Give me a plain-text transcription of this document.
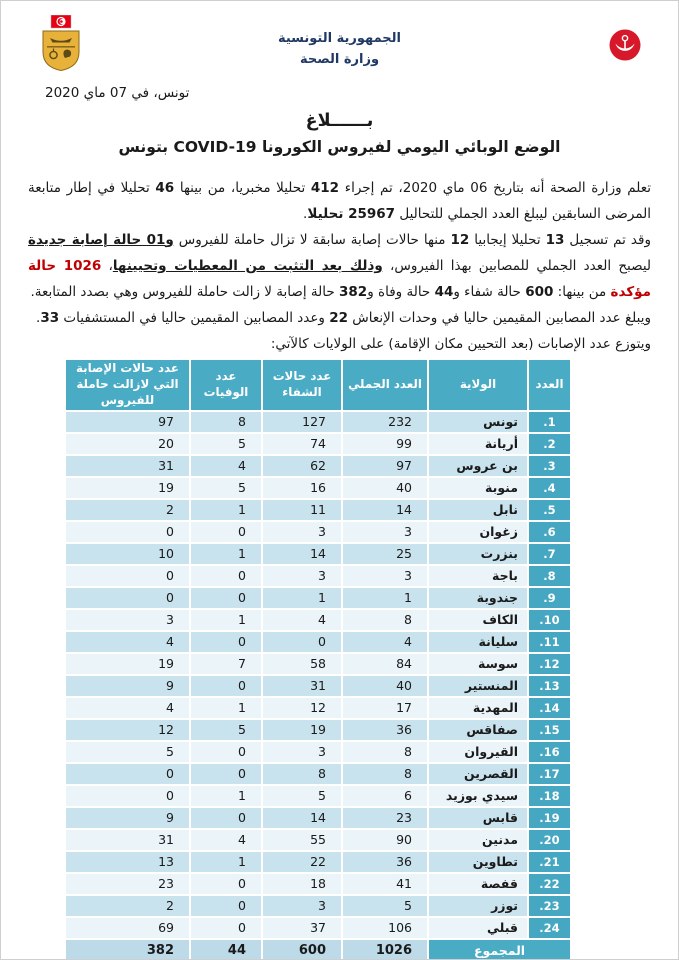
الجمهورية التونسية
وزارة الصحة
تونس، في 07 ماي 2020
بــــــلاغ
الوضع الوبائي اليومي لفيروس الكورونا COVID-19 بتونس

تعلم وزارة الصحة أنه بتاريخ 06 ماي 2020، تم إجراء 412 تحليلا مخبريا، من بينها 46 تحليلا في إطار متابعة المرضى السابقين ليبلغ العدد الجملي للتحاليل 25967 تحليلا.

وقد تم تسجيل 13 تحليلا إيجابيا 12 منها حالات إصابة سابقة لا تزال حاملة للفيروس و01 حالة إصابة جديدة ليصبح العدد الجملي للمصابين بهذا الفيروس، وذلك بعد التثبت من المعطيات وتحيينها، 1026 حالة مؤكدة من بينها: 600 حالة شفاء و44 حالة وفاة و382 حالة إصابة لا زالت حاملة للفيروس وهي بصدد المتابعة.

ويبلغ عدد المصابين المقيمين حاليا في وحدات الإنعاش 22 وعدد المصابين المقيمين حاليا في المستشفيات 33.

ويتوزع عدد الإصابات (بعد التحيين مكان الإقامة) على الولايات كالآتي:

العدد	الولاية	العدد الجملي	عدد حالات الشفاء	عدد الوفيات	عدد حالات الإصابة التي لازالت حاملة للفيروس
1.	تونس	232	127	8	97
2.	أريانة	99	74	5	20
3.	بن عروس	97	62	4	31
4.	منوبة	40	16	5	19
5.	نابل	14	11	1	2
6.	زغوان	3	3	0	0
7.	بنزرت	25	14	1	10
8.	باجة	3	3	0	0
9.	جندوبة	1	1	0	0
10.	الكاف	8	4	1	3
11.	سليانة	4	0	0	4
12.	سوسة	84	58	7	19
13.	المنستير	40	31	0	9
14.	المهدية	17	12	1	4
15.	صفاقس	36	19	5	12
16.	القيروان	8	3	0	5
17.	القصرين	8	8	0	0
18.	سيدي بوزيد	6	5	1	0
19.	قابس	23	14	0	9
20.	مدنين	90	55	4	31
21.	تطاوين	36	22	1	13
22.	قفصة	41	18	0	23
23.	توزر	5	3	0	2
24.	قبلي	106	37	0	69
المجموع		1026	600	44	382
